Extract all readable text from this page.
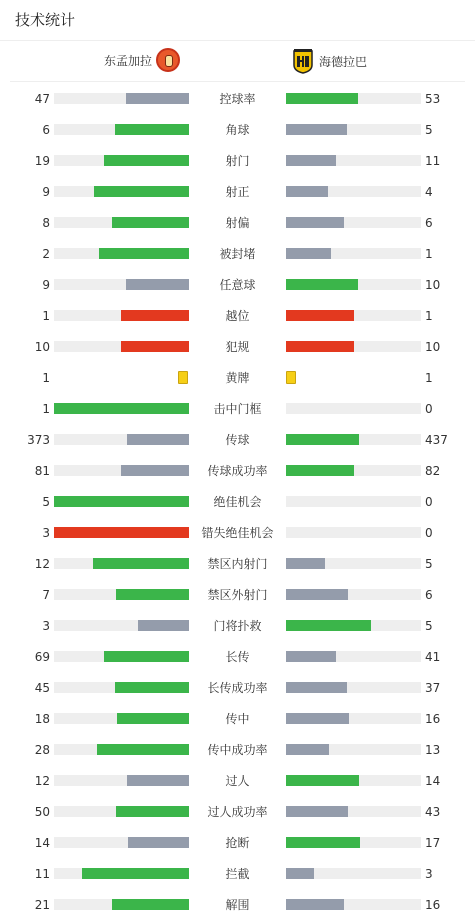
技术统计
东孟加拉	海德拉巴
47	控球率	53
6	角球	5
19	射门	11
9	射正	4
8	射偏	6
2	被封堵	1
9	任意球	10
1	越位	1
10	犯规	10
1	黄牌	1
1	击中门框	0
373	传球	437
81	传球成功率	82
5	绝佳机会	0
3	错失绝佳机会	0
12	禁区内射门	5
7	禁区外射门	6
3	门将扑救	5
69	长传	41
45	长传成功率	37
18	传中	16
28	传中成功率	13
12	过人	14
50	过人成功率	43
14	抢断	17
11	拦截	3
21	解围	16
